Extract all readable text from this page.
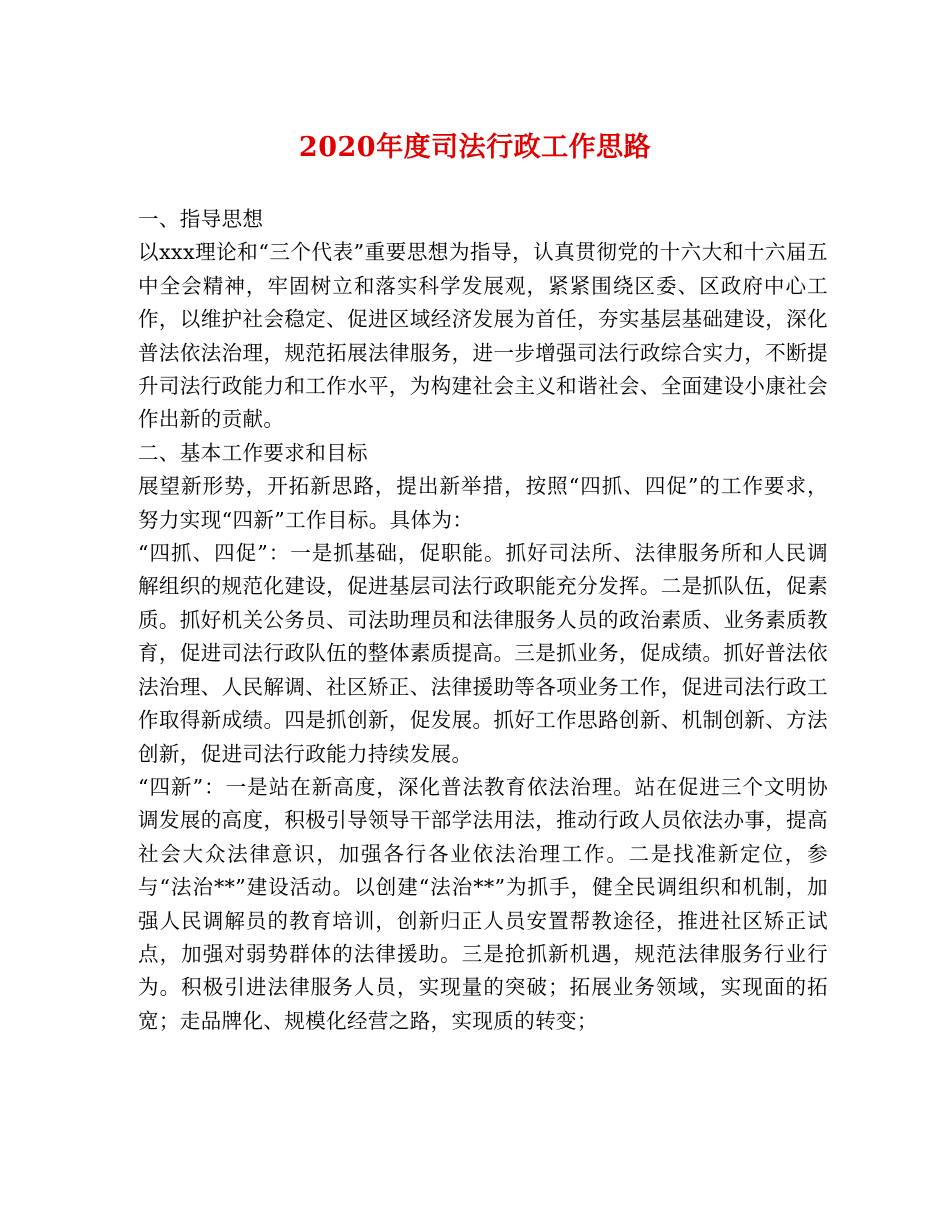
2020年度司法行政工作思路

一、指导思想

以xxx理论和“三个代表”重要思想为指导，认真贯彻党的十六大和十六届五中全会精神，牢固树立和落实科学发展观，紧紧围绕区委、区政府中心工作，以维护社会稳定、促进区域经济发展为首任，夯实基层基础建设，深化普法依法治理，规范拓展法律服务，进一步增强司法行政综合实力，不断提升司法行政能力和工作水平，为构建社会主义和谐社会、全面建设小康社会作出新的贡献。

二、基本工作要求和目标

展望新形势，开拓新思路，提出新举措，按照“四抓、四促”的工作要求，努力实现“四新”工作目标。具体为：

“四抓、四促”：一是抓基础，促职能。抓好司法所、法律服务所和人民调解组织的规范化建设，促进基层司法行政职能充分发挥。二是抓队伍，促素质。抓好机关公务员、司法助理员和法律服务人员的政治素质、业务素质教育，促进司法行政队伍的整体素质提高。三是抓业务，促成绩。抓好普法依法治理、人民解调、社区矫正、法律援助等各项业务工作，促进司法行政工作取得新成绩。四是抓创新，促发展。抓好工作思路创新、机制创新、方法创新，促进司法行政能力持续发展。

“四新”：一是站在新高度，深化普法教育依法治理。站在促进三个文明协调发展的高度，积极引导领导干部学法用法，推动行政人员依法办事，提高社会大众法律意识，加强各行各业依法治理工作。二是找准新定位，参与“法治**”建设活动。以创建“法治**”为抓手，健全民调组织和机制，加强人民调解员的教育培训，创新归正人员安置帮教途径，推进社区矫正试点，加强对弱势群体的法律援助。三是抢抓新机遇，规范法律服务行业行为。积极引进法律服务人员，实现量的突破；拓展业务领域，实现面的拓宽；走品牌化、规模化经营之路，实现质的转变；
